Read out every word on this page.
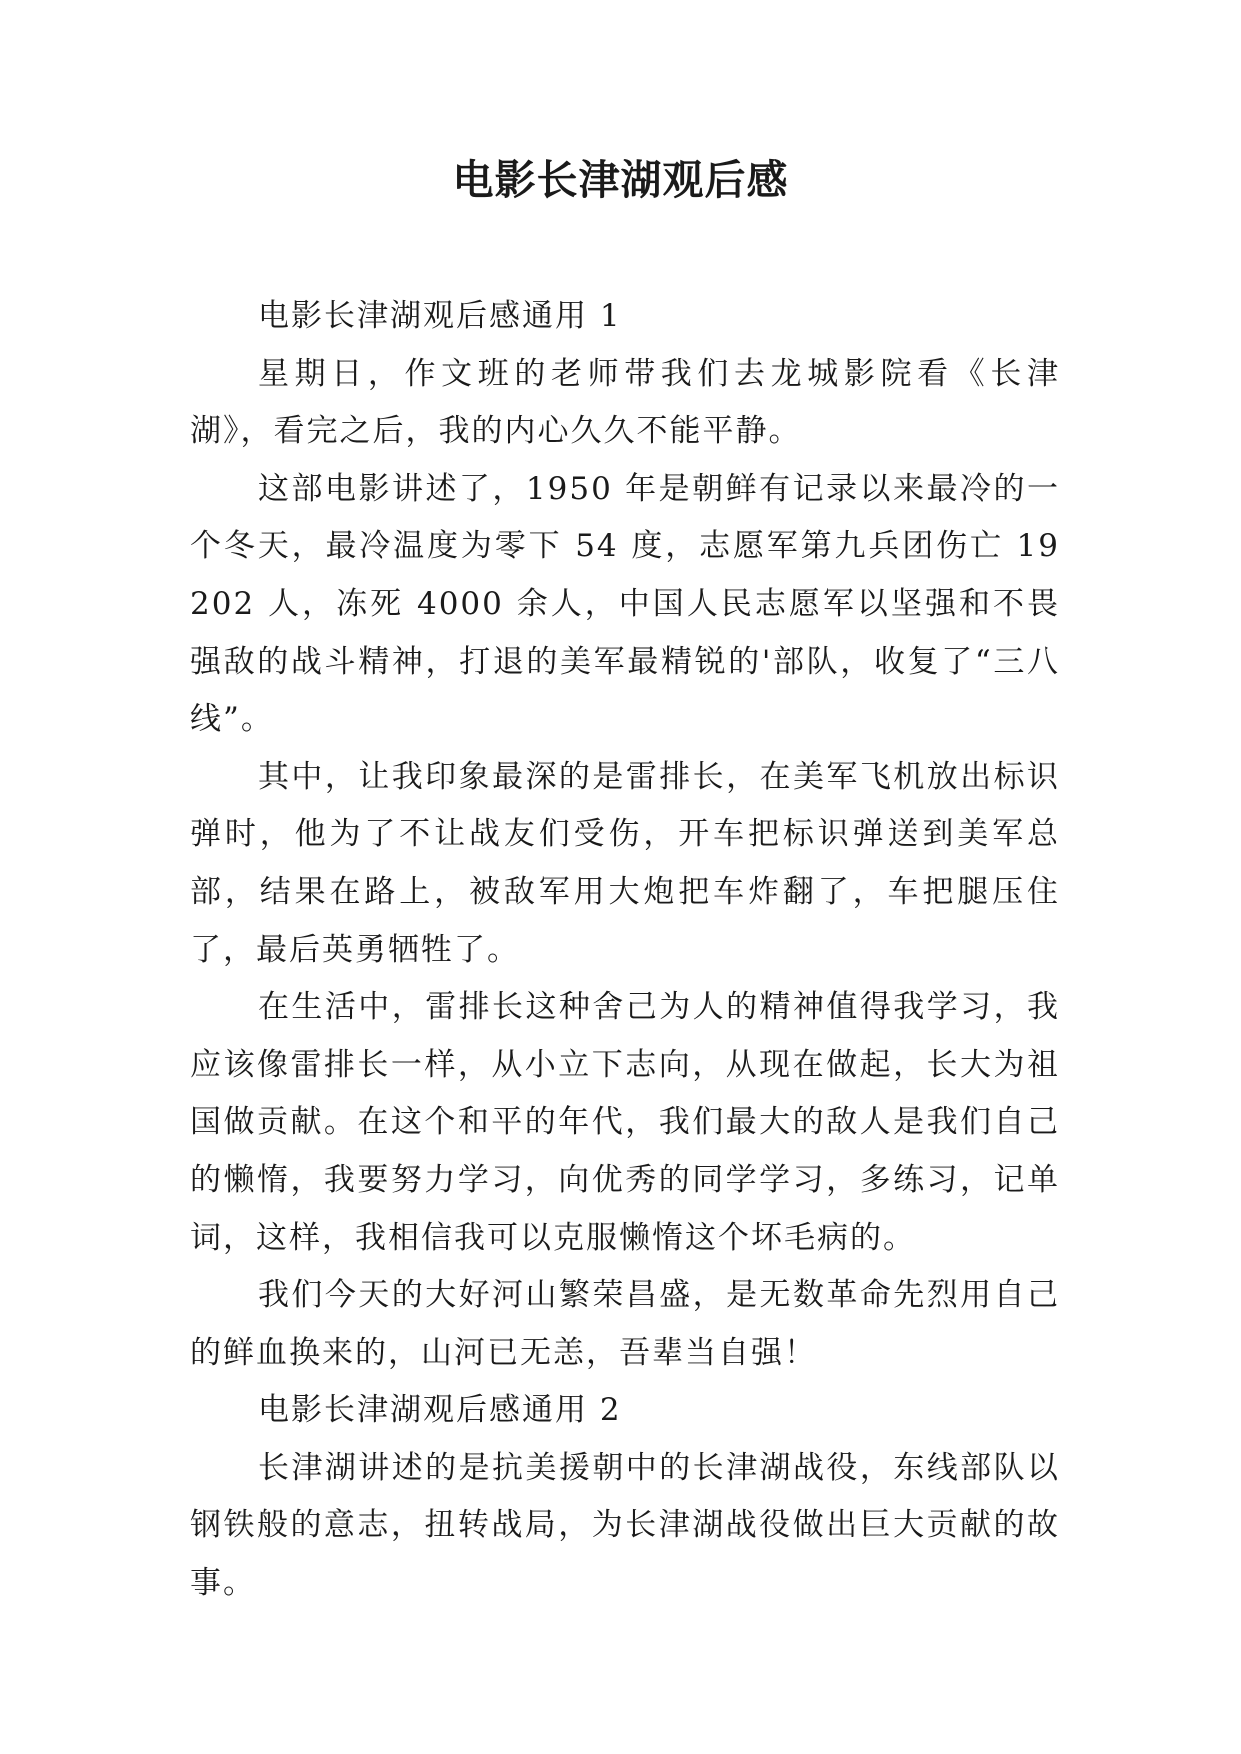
电影长津湖观后感

电影长津湖观后感通用 1

星期日，作文班的老师带我们去龙城影院看《长津湖》，看完之后，我的内心久久不能平静。

这部电影讲述了，1950 年是朝鲜有记录以来最冷的一个冬天，最冷温度为零下 54 度，志愿军第九兵团伤亡 19202 人，冻死 4000 余人，中国人民志愿军以坚强和不畏强敌的战斗精神，打退的美军最精锐的'部队，收复了“三八线”。

其中，让我印象最深的是雷排长，在美军飞机放出标识弹时，他为了不让战友们受伤，开车把标识弹送到美军总部，结果在路上，被敌军用大炮把车炸翻了，车把腿压住了，最后英勇牺牲了。

在生活中，雷排长这种舍己为人的精神值得我学习，我应该像雷排长一样，从小立下志向，从现在做起，长大为祖国做贡献。在这个和平的年代，我们最大的敌人是我们自己的懒惰，我要努力学习，向优秀的同学学习，多练习，记单词，这样，我相信我可以克服懒惰这个坏毛病的。

我们今天的大好河山繁荣昌盛，是无数革命先烈用自己的鲜血换来的，山河已无恙，吾辈当自强！

电影长津湖观后感通用 2

长津湖讲述的是抗美援朝中的长津湖战役，东线部队以钢铁般的意志，扭转战局，为长津湖战役做出巨大贡献的故事。
